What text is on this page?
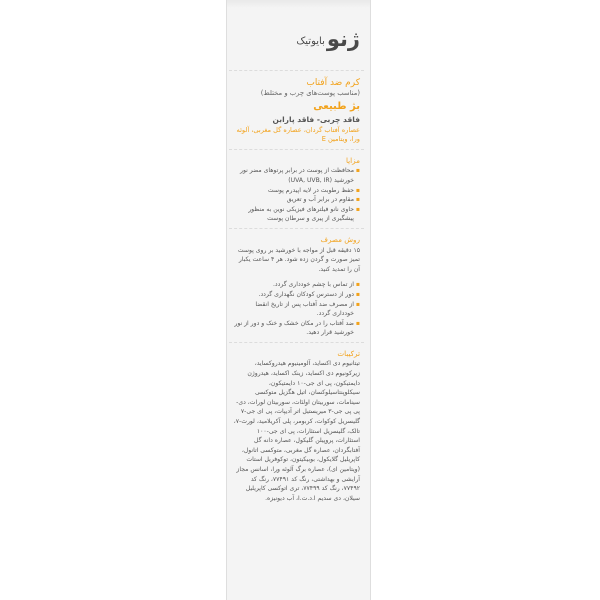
ژنو
بایوتیک
کرم ضد آفتاب
(مناسب پوست‌های چرب و مختلط)
بژ طبیعی
فاقد چربی- فاقد پارابن
عصاره آفتاب گردان، عصاره گل مغربی، آلوئه ورا، ویتامین E
مزایا
▪
محافظت از پوست در برابر پرتوهای مضر نور خورشید (UVA, UVB, IR)
▪
حفظ رطوبت در لایه اپیدرم پوست
▪
مقاوم در برابر آب و تعریق
▪
حاوی نانو فیلترهای فیزیکی نوین به منظور پیشگیری از پیری و سرطان پوست
روش مصرف

۱۵ دقیقه قبل از مواجه با خورشید بر روی پوست تمیز صورت و گردن زده شود. هر ۴ ساعت یکبار آن را تمدید کنید.

▪
از تماس با چشم خودداری گردد.
▪
دور از دسترس کودکان نگهداری گردد.
▪
از مصرف ضد آفتاب پس از تاریخ انقضا خودداری گردد.
▪
ضد آفتاب را در مکان خشک و خنک و دور از نور خورشید قرار دهید.
ترکیبات

تیتانیوم دی اکساید، آلومینیوم هیدروکساید، زیرکونیوم دی اکساید، زینک اکساید، هیدروژن دایمتیکون، پی ای جی-۱۰ دایمتیکون، سیکلوپنتاسیلوکسان، اتیل هگزیل متوکسی سینامات، سوربیتان اولئات، سوربیتان لورات، دی- پی پی جی-۳ میریستیل اتر آدیپات، پی ای جی-۷ گلیسریل کوکوات، کربومر، پلی آکریلامید، لورث-۷، تالک، گلیسریل استئارات، پی ای جی-۱۰۰ استئارات، پروپیلن گلیکول، عصاره دانه گل آفتابگردان، عصاره گل مغربی، متوکسی اتانول، کاپریلیل گلایکول، بوبیکیتون، توکوفریل استات (ویتامین ای)، عصاره برگ آلوئه ورا، اسانس مجاز آرایشی و بهداشتی، رنگ کد ۷۷۴۹۱، رنگ کد ۷۷۴۹۲، رنگ کد ۷۷۴۹۹، تری اتوکسی کاپریلیل سیلان، دی سدیم ا.د.ت.ا، آب دیونیزه.
